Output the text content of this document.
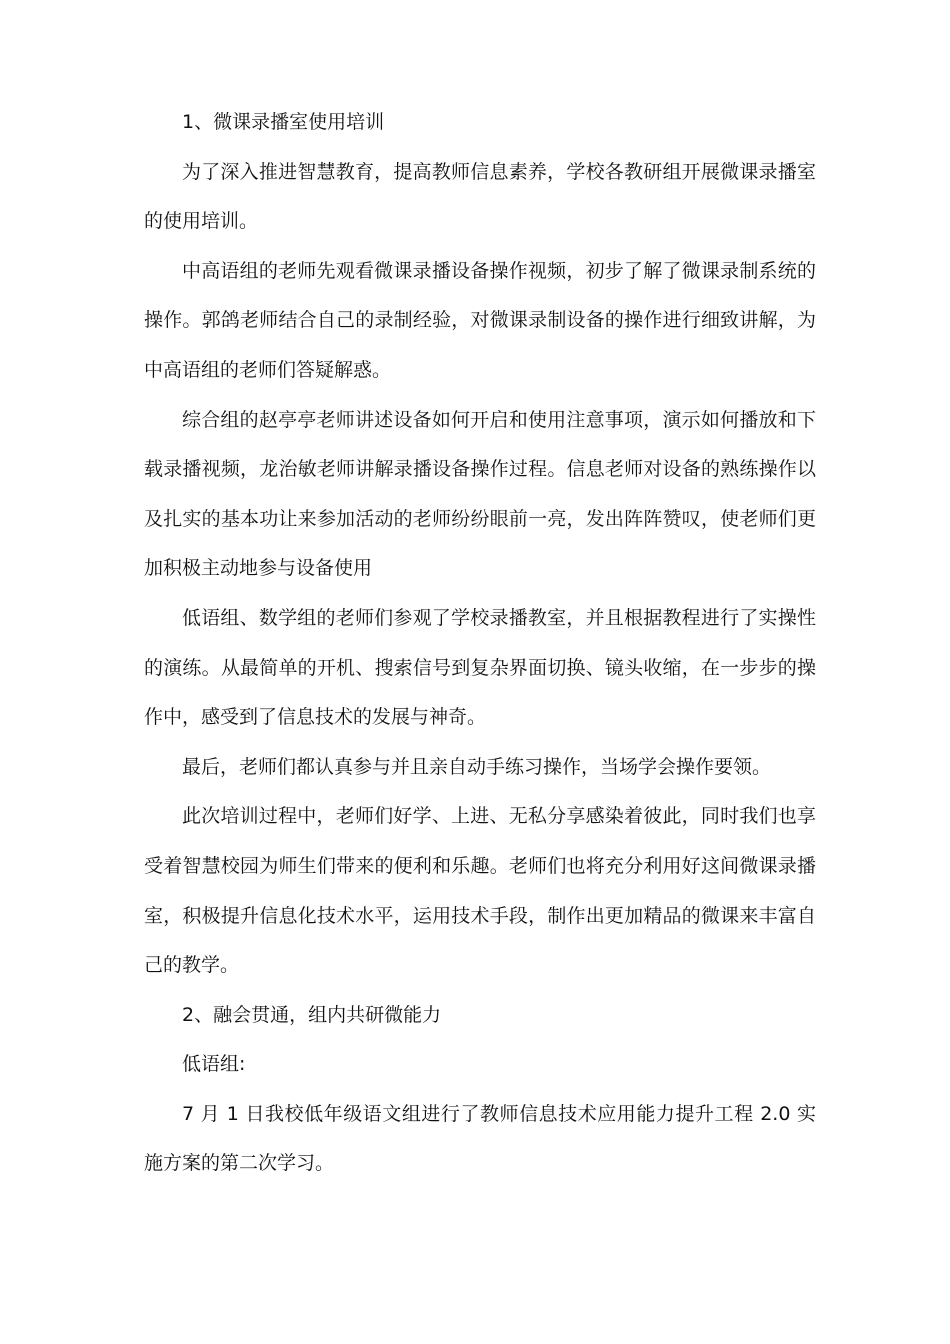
1、微课录播室使用培训

为了深入推进智慧教育，提高教师信息素养，学校各教研组开展微课录播室的使用培训。

中高语组的老师先观看微课录播设备操作视频，初步了解了微课录制系统的操作。郭鸽老师结合自己的录制经验，对微课录制设备的操作进行细致讲解，为中高语组的老师们答疑解惑。

综合组的赵亭亭老师讲述设备如何开启和使用注意事项，演示如何播放和下载录播视频，龙治敏老师讲解录播设备操作过程。信息老师对设备的熟练操作以及扎实的基本功让来参加活动的老师纷纷眼前一亮，发出阵阵赞叹，使老师们更加积极主动地参与设备使用

低语组、数学组的老师们参观了学校录播教室，并且根据教程进行了实操性的演练。从最简单的开机、搜索信号到复杂界面切换、镜头收缩，在一步步的操作中，感受到了信息技术的发展与神奇。

最后，老师们都认真参与并且亲自动手练习操作，当场学会操作要领。

此次培训过程中，老师们好学、上进、无私分享感染着彼此，同时我们也享受着智慧校园为师生们带来的便利和乐趣。老师们也将充分利用好这间微课录播室，积极提升信息化技术水平，运用技术手段，制作出更加精品的微课来丰富自己的教学。

2、融会贯通，组内共研微能力

低语组:

7 月 1 日我校低年级语文组进行了教师信息技术应用能力提升工程 2.0 实施方案的第二次学习。
